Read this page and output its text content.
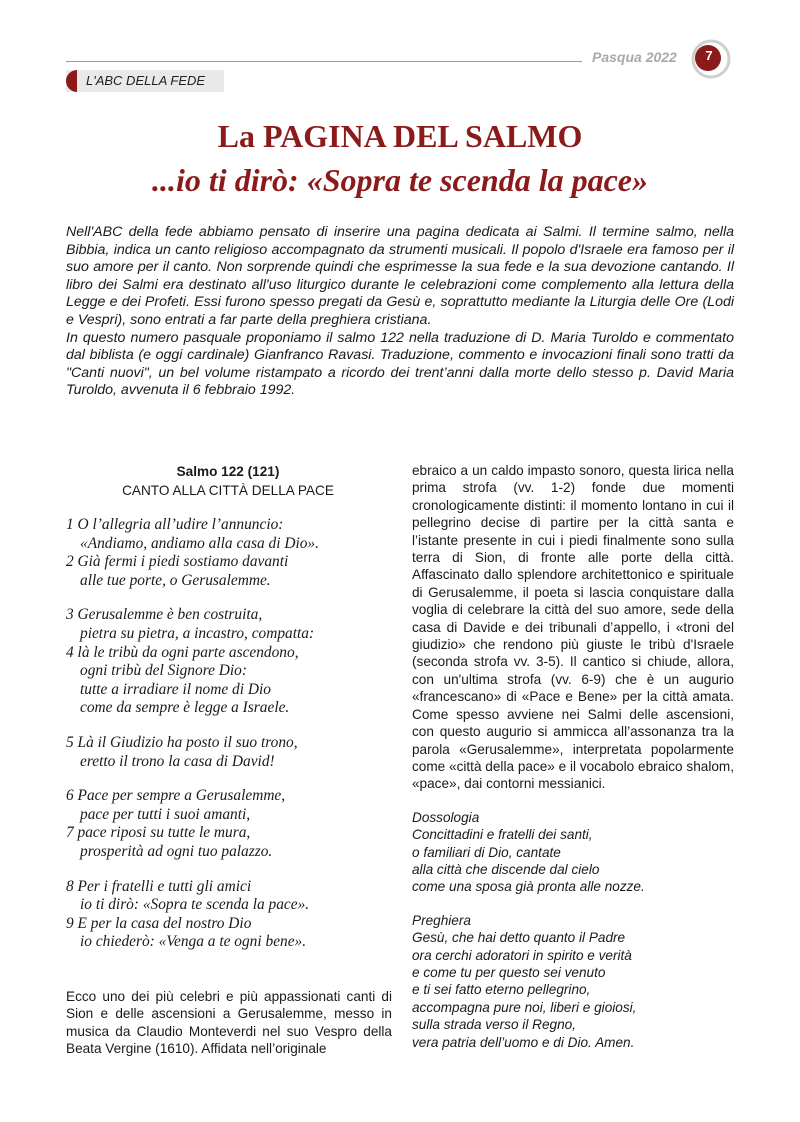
Pasqua 2022	7
L'ABC DELLA FEDE
La PAGINA DEL SALMO
...io ti dirò: «Sopra te scenda la pace»

Nell'ABC della fede abbiamo pensato di inserire una pagina dedicata ai Salmi. Il termine salmo, nella Bibbia, indica un canto religioso accompagnato da strumenti musicali. Il popolo d'Israele era famoso per il suo amore per il canto. Non sorprende quindi che esprimesse la sua fede e la sua devozione cantando. Il libro dei Salmi era destinato all'uso liturgico durante le celebrazioni come complemento alla lettura della Legge e dei Profeti. Essi furono spesso pregati da Gesù e, soprattutto mediante la Liturgia delle Ore (Lodi e Vespri), sono entrati a far parte della preghiera cristiana.

In questo numero pasquale proponiamo il salmo 122 nella traduzione di D. Maria Turoldo e commentato dal biblista (e oggi cardinale) Gianfranco Ravasi. Traduzione, commento e invocazioni finali sono tratti da "Canti nuovi", un bel volume ristampato a ricordo dei trent’anni dalla morte dello stesso p. David Maria Turoldo, avvenuta il 6 febbraio 1992.

Salmo 122 (121)
CANTO ALLA CITTÀ DELLA PACE
1 O l’allegria all’udire l’annuncio:
«Andiamo, andiamo alla casa di Dio».
2 Già fermi i piedi sostiamo davanti
alle tue porte, o Gerusalemme.
3 Gerusalemme è ben costruita,
pietra su pietra, a incastro, compatta:
4 là le tribù da ogni parte ascendono,
ogni tribù del Signore Dio:
tutte a irradiare il nome di Dio
come da sempre è legge a Israele.
5 Là il Giudizio ha posto il suo trono,
eretto il trono la casa di David!
6 Pace per sempre a Gerusalemme,
pace per tutti i suoi amanti,
7 pace riposi su tutte le mura,
prosperità ad ogni tuo palazzo.
8 Per i fratelli e tutti gli amici
io ti dirò: «Sopra te scenda la pace».
9 E per la casa del nostro Dio
io chiederò: «Venga a te ogni bene».
Ecco uno dei più celebri e più appassionati canti di Sion e delle ascensioni a Gerusalemme, messo in musica da Claudio Monteverdi nel suo Vespro della Beata Vergine (1610). Affidata nell’originale

ebraico a un caldo impasto sonoro, questa lirica nella prima strofa (vv. 1-2) fonde due momenti cronologicamente distinti: il momento lontano in cui il pellegrino decise di partire per la città santa e l’istante presente in cui i piedi finalmente sono sulla terra di Sion, di fronte alle porte della città. Affascinato dallo splendore architettonico e spirituale di Gerusalemme, il poeta si lascia conquistare dalla voglia di celebrare la città del suo amore, sede della casa di Davide e dei tribunali d’appello, i «troni del giudizio» che rendono più giuste le tribù d'Israele (seconda strofa vv. 3-5). Il cantico si chiude, allora, con un'ultima strofa (vv. 6-9) che è un augurio «francescano» di «Pace e Bene» per la città amata. Come spesso avviene nei Salmi delle ascensioni, con questo augurio si ammicca all’assonanza tra la parola «Gerusalemme», interpretata popolarmente come «città della pace» e il vocabolo ebraico shalom, «pace», dai contorni messianici.

Dossologia
Concittadini e fratelli dei santi,
o familiari di Dio, cantate
alla città che discende dal cielo
come una sposa già pronta alle nozze.

Preghiera
Gesù, che hai detto quanto il Padre
ora cerchi adoratori in spirito e verità
e come tu per questo sei venuto
e ti sei fatto eterno pellegrino,
accompagna pure noi, liberi e gioiosi,
sulla strada verso il Regno,
vera patria dell’uomo e di Dio. Amen.
